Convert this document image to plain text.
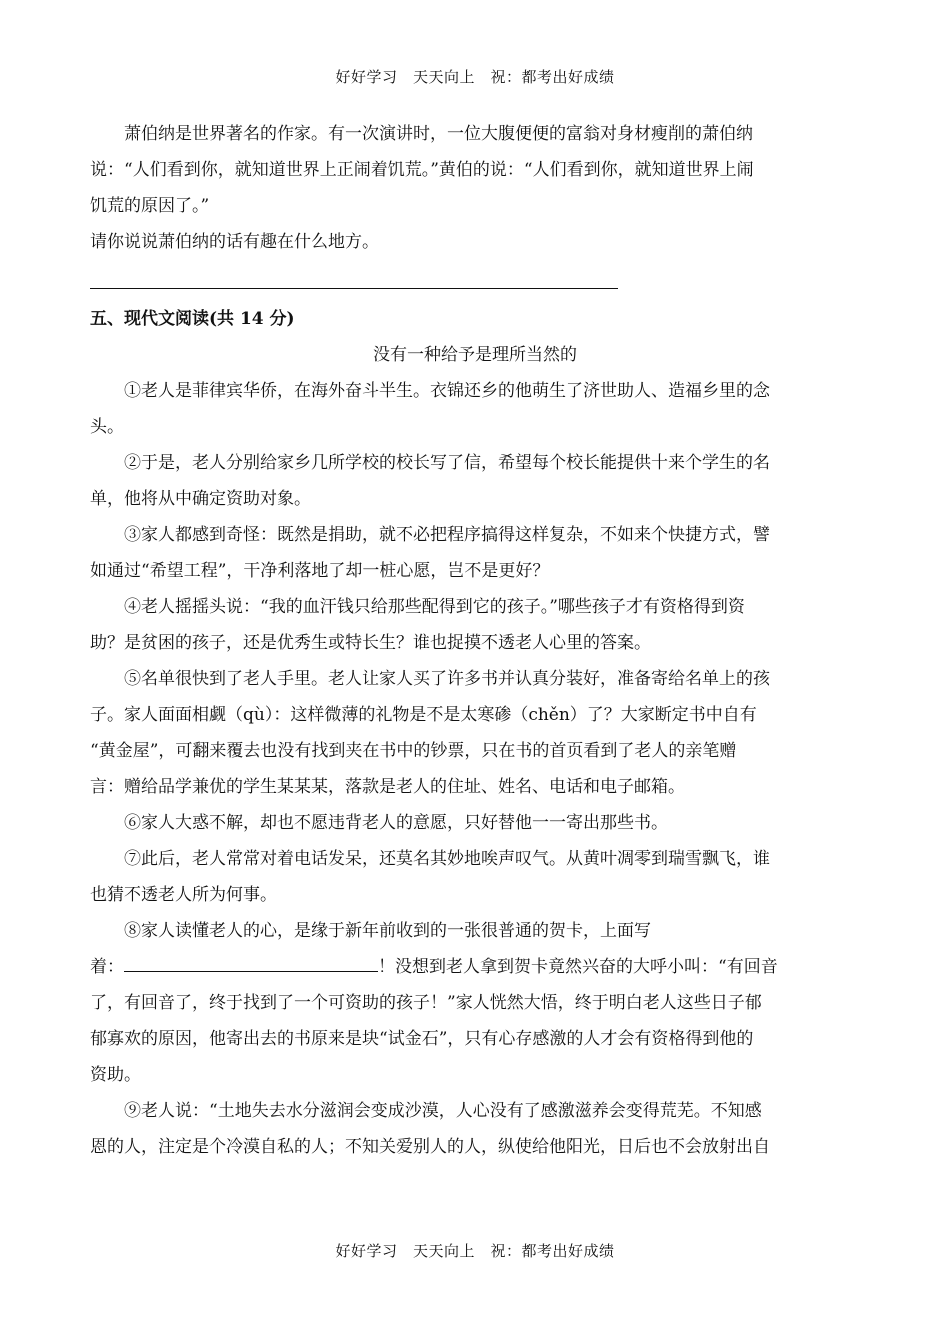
好好学习　天天向上　祝：都考出好成绩
萧伯纳是世界著名的作家。有一次演讲时，一位大腹便便的富翁对身材瘦削的萧伯纳
说：“人们看到你，就知道世界上正闹着饥荒。”黄伯的说：“人们看到你，就知道世界上闹
饥荒的原因了。”
请你说说萧伯纳的话有趣在什么地方。
五、现代文阅读(共 14 分)
没有一种给予是理所当然的
①老人是菲律宾华侨，在海外奋斗半生。衣锦还乡的他萌生了济世助人、造福乡里的念
头。
②于是，老人分别给家乡几所学校的校长写了信，希望每个校长能提供十来个学生的名
单，他将从中确定资助对象。
③家人都感到奇怪：既然是捐助，就不必把程序搞得这样复杂，不如来个快捷方式，譬
如通过“希望工程”，干净利落地了却一桩心愿，岂不是更好？
④老人摇摇头说：“我的血汗钱只给那些配得到它的孩子。”哪些孩子才有资格得到资
助？是贫困的孩子，还是优秀生或特长生？谁也捉摸不透老人心里的答案。
⑤名单很快到了老人手里。老人让家人买了许多书并认真分装好，准备寄给名单上的孩
子。家人面面相觑（qù）：这样微薄的礼物是不是太寒碜（chěn）了？大家断定书中自有
“黄金屋”，可翻来覆去也没有找到夹在书中的钞票，只在书的首页看到了老人的亲笔赠
言：赠给品学兼优的学生某某某，落款是老人的住址、姓名、电话和电子邮箱。
⑥家人大惑不解，却也不愿违背老人的意愿，只好替他一一寄出那些书。
⑦此后，老人常常对着电话发呆，还莫名其妙地唉声叹气。从黄叶凋零到瑞雪飘飞，谁
也猜不透老人所为何事。
⑧家人读懂老人的心，是缘于新年前收到的一张很普通的贺卡，上面写
着：	！没想到老人拿到贺卡竟然兴奋的大呼小叫：“有回音
了，有回音了，终于找到了一个可资助的孩子！”家人恍然大悟，终于明白老人这些日子郁
郁寡欢的原因，他寄出去的书原来是块“试金石”，只有心存感激的人才会有资格得到他的
资助。
⑨老人说：“土地失去水分滋润会变成沙漠，人心没有了感激滋养会变得荒芜。不知感
恩的人，注定是个冷漠自私的人；不知关爱别人的人，纵使给他阳光，日后也不会放射出自
好好学习　天天向上　祝：都考出好成绩
